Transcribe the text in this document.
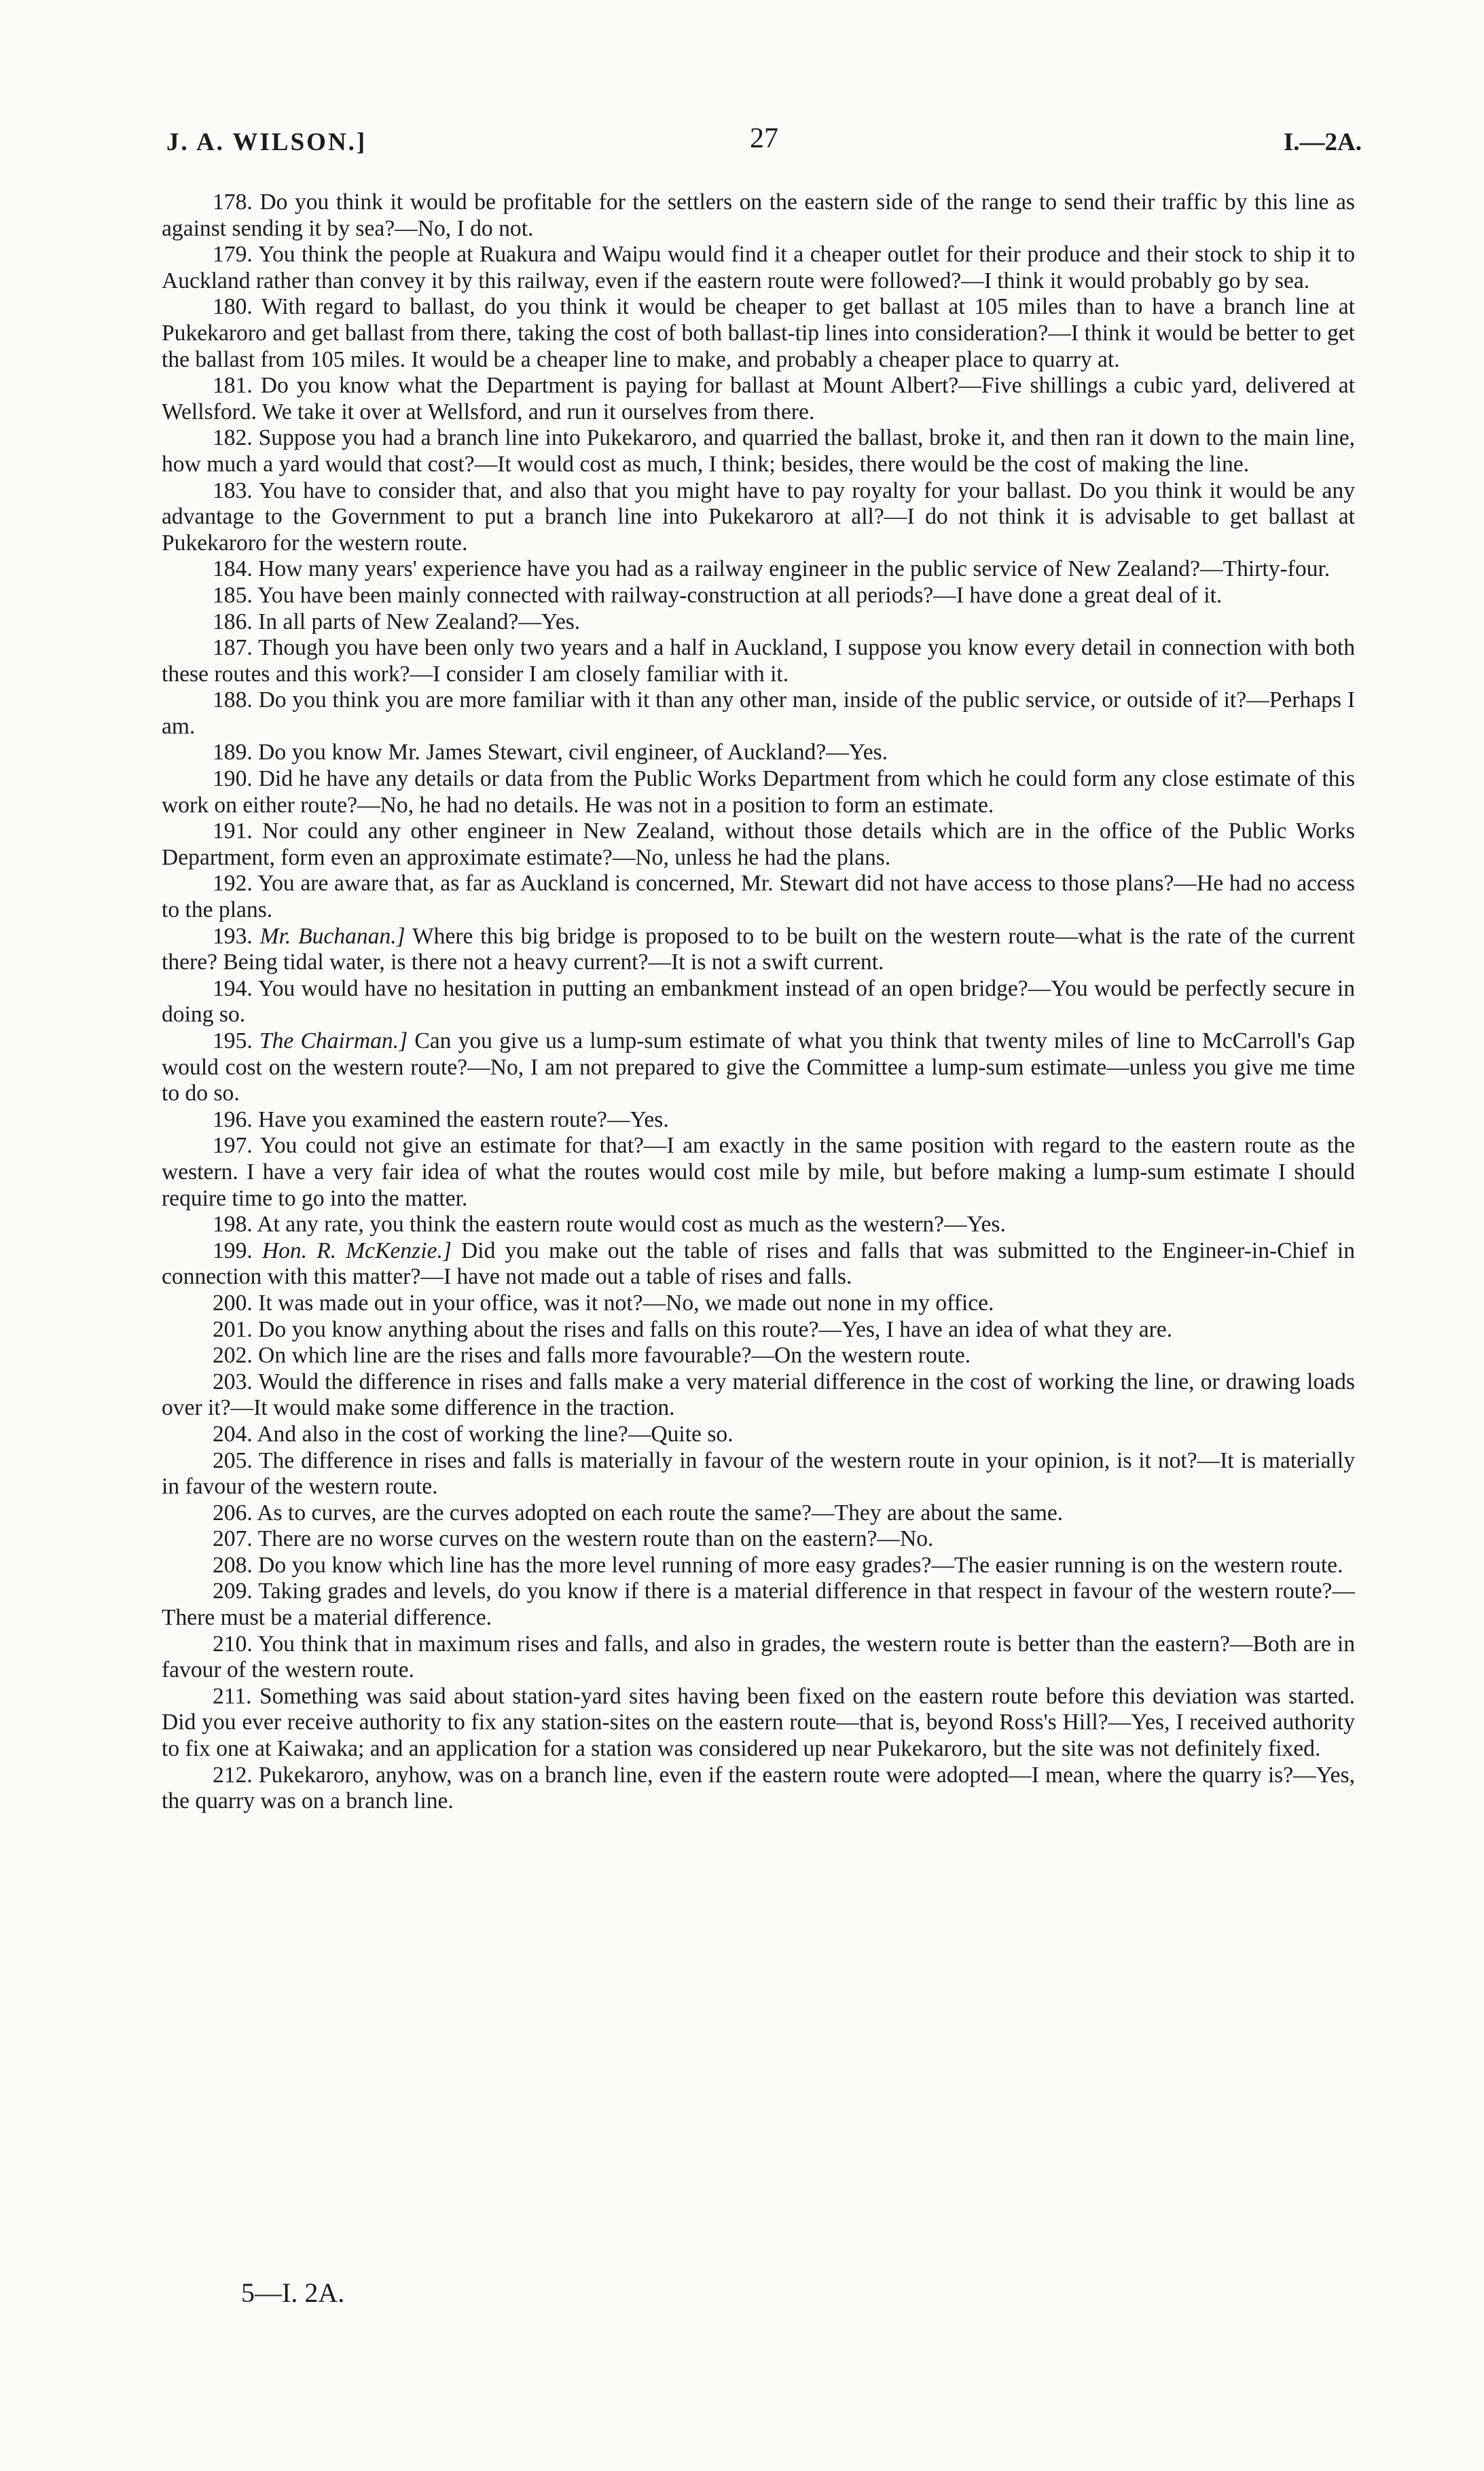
J. A. WILSON.]	27	I.—2A.

178. Do you think it would be profitable for the settlers on the eastern side of the range to send their traffic by this line as against sending it by sea?—No, I do not.

179. You think the people at Ruakura and Waipu would find it a cheaper outlet for their produce and their stock to ship it to Auckland rather than convey it by this railway, even if the eastern route were followed?—I think it would probably go by sea.

180. With regard to ballast, do you think it would be cheaper to get ballast at 105 miles than to have a branch line at Pukekaroro and get ballast from there, taking the cost of both ballast-tip lines into consideration?—I think it would be better to get the ballast from 105 miles. It would be a cheaper line to make, and probably a cheaper place to quarry at.

181. Do you know what the Department is paying for ballast at Mount Albert?—Five shillings a cubic yard, delivered at Wellsford. We take it over at Wellsford, and run it ourselves from there.

182. Suppose you had a branch line into Pukekaroro, and quarried the ballast, broke it, and then ran it down to the main line, how much a yard would that cost?—It would cost as much, I think; besides, there would be the cost of making the line.

183. You have to consider that, and also that you might have to pay royalty for your ballast. Do you think it would be any advantage to the Government to put a branch line into Pukekaroro at all?—I do not think it is advisable to get ballast at Pukekaroro for the western route.

184. How many years' experience have you had as a railway engineer in the public service of New Zealand?—Thirty-four.

185. You have been mainly connected with railway-construction at all periods?—I have done a great deal of it.

186. In all parts of New Zealand?—Yes.

187. Though you have been only two years and a half in Auckland, I suppose you know every detail in connection with both these routes and this work?—I consider I am closely familiar with it.

188. Do you think you are more familiar with it than any other man, inside of the public service, or outside of it?—Perhaps I am.

189. Do you know Mr. James Stewart, civil engineer, of Auckland?—Yes.

190. Did he have any details or data from the Public Works Department from which he could form any close estimate of this work on either route?—No, he had no details. He was not in a position to form an estimate.

191. Nor could any other engineer in New Zealand, without those details which are in the office of the Public Works Department, form even an approximate estimate?—No, unless he had the plans.

192. You are aware that, as far as Auckland is concerned, Mr. Stewart did not have access to those plans?—He had no access to the plans.

193. Mr. Buchanan.] Where this big bridge is proposed to to be built on the western route—what is the rate of the current there? Being tidal water, is there not a heavy current?—It is not a swift current.

194. You would have no hesitation in putting an embankment instead of an open bridge?—You would be perfectly secure in doing so.

195. The Chairman.] Can you give us a lump-sum estimate of what you think that twenty miles of line to McCarroll's Gap would cost on the western route?—No, I am not prepared to give the Committee a lump-sum estimate—unless you give me time to do so.

196. Have you examined the eastern route?—Yes.

197. You could not give an estimate for that?—I am exactly in the same position with regard to the eastern route as the western. I have a very fair idea of what the routes would cost mile by mile, but before making a lump-sum estimate I should require time to go into the matter.

198. At any rate, you think the eastern route would cost as much as the western?—Yes.

199. Hon. R. McKenzie.] Did you make out the table of rises and falls that was submitted to the Engineer-in-Chief in connection with this matter?—I have not made out a table of rises and falls.

200. It was made out in your office, was it not?—No, we made out none in my office.

201. Do you know anything about the rises and falls on this route?—Yes, I have an idea of what they are.

202. On which line are the rises and falls more favourable?—On the western route.

203. Would the difference in rises and falls make a very material difference in the cost of working the line, or drawing loads over it?—It would make some difference in the traction.

204. And also in the cost of working the line?—Quite so.

205. The difference in rises and falls is materially in favour of the western route in your opinion, is it not?—It is materially in favour of the western route.

206. As to curves, are the curves adopted on each route the same?—They are about the same.

207. There are no worse curves on the western route than on the eastern?—No.

208. Do you know which line has the more level running of more easy grades?—The easier running is on the western route.

209. Taking grades and levels, do you know if there is a material difference in that respect in favour of the western route?—There must be a material difference.

210. You think that in maximum rises and falls, and also in grades, the western route is better than the eastern?—Both are in favour of the western route.

211. Something was said about station-yard sites having been fixed on the eastern route before this deviation was started. Did you ever receive authority to fix any station-sites on the eastern route—that is, beyond Ross's Hill?—Yes, I received authority to fix one at Kaiwaka; and an application for a station was considered up near Pukekaroro, but the site was not definitely fixed.

212. Pukekaroro, anyhow, was on a branch line, even if the eastern route were adopted—I mean, where the quarry is?—Yes, the quarry was on a branch line.

5—I. 2A.
